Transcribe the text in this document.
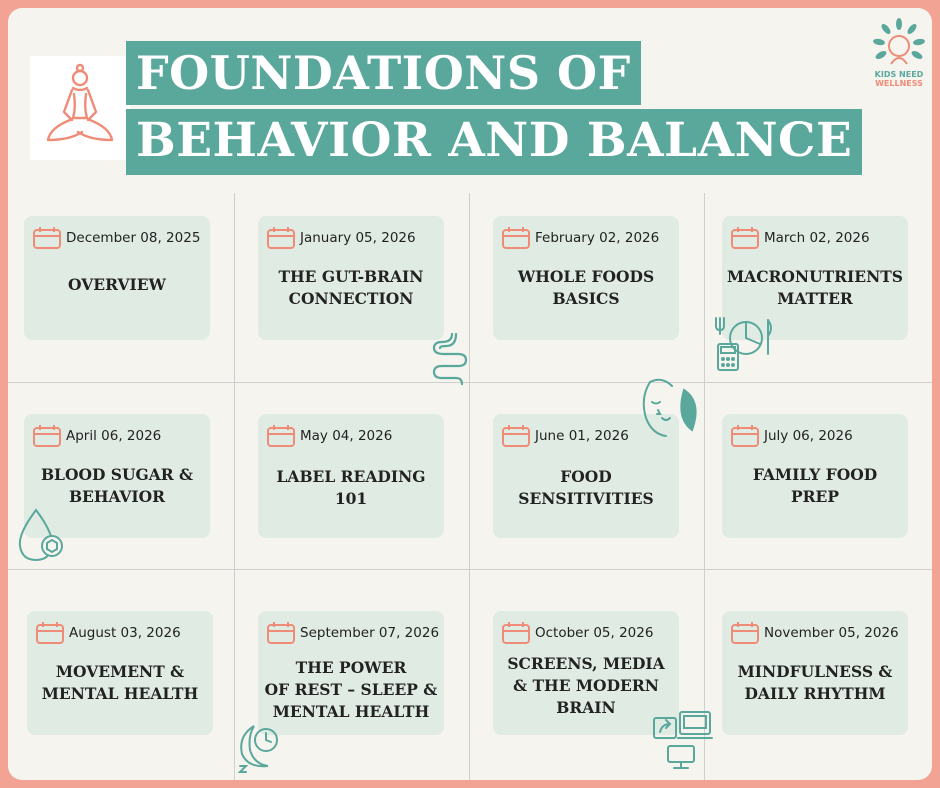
FOUNDATIONS OF
BEHAVIOR AND BALANCE
KIDS NEED
WELLNESS
December 08, 2025
OVERVIEW
January 05, 2026
THE GUT-BRAIN
CONNECTION
February 02, 2026
WHOLE FOODS
BASICS
March 02, 2026
MACRONUTRIENTS
MATTER
April 06, 2026
BLOOD SUGAR &
BEHAVIOR
May 04, 2026
LABEL READING
101
June 01, 2026
FOOD
SENSITIVITIES
July 06, 2026
FAMILY FOOD
PREP
August 03, 2026
MOVEMENT &
MENTAL HEALTH
September 07, 2026
THE POWER
OF REST – SLEEP &
MENTAL HEALTH
October 05, 2026
SCREENS, MEDIA
& THE MODERN
BRAIN
November 05, 2026
MINDFULNESS &
DAILY RHYTHM
